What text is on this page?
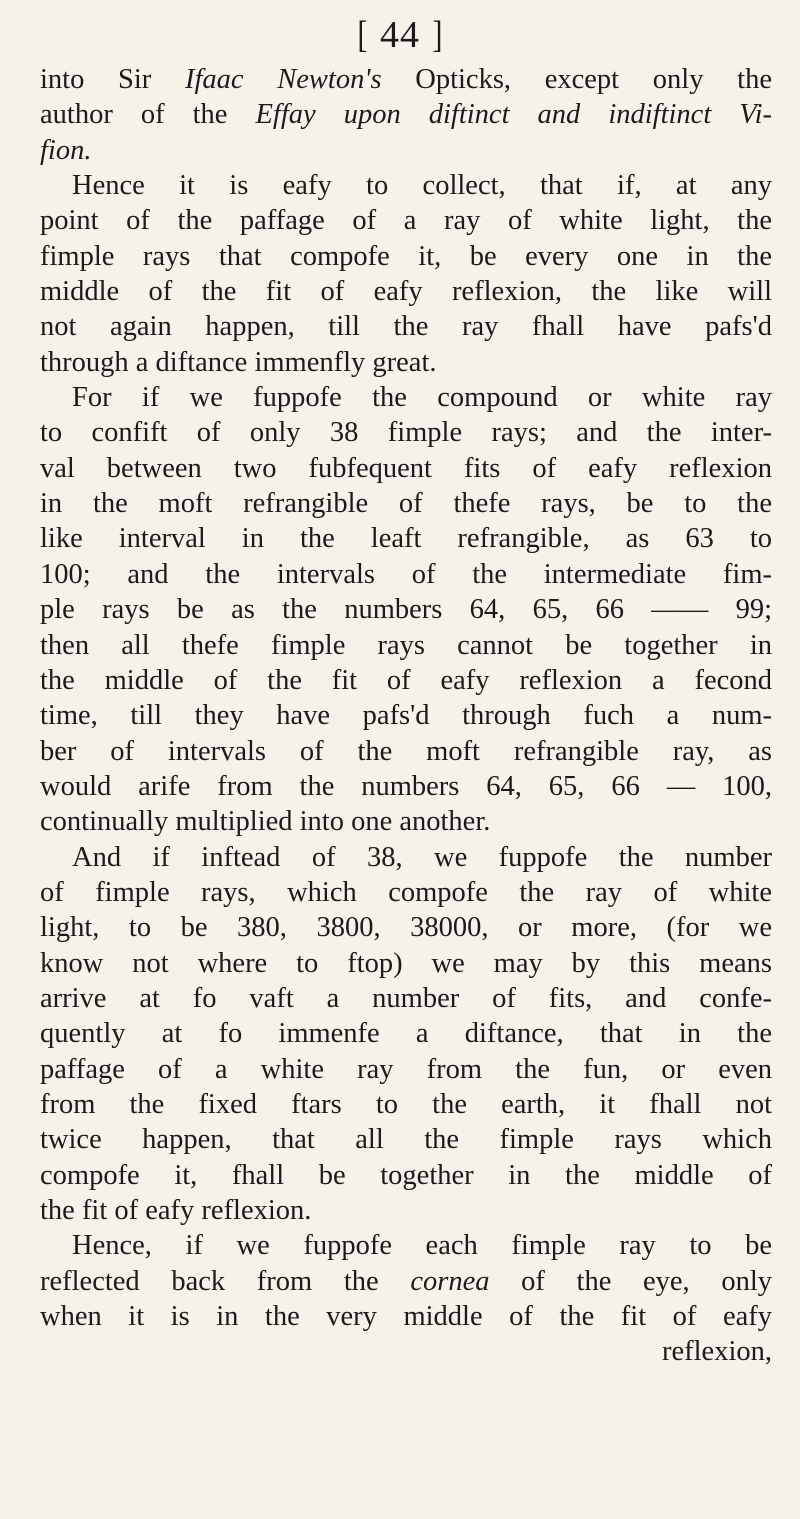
[ 44 ]
into Sir Ifaac Newton's Opticks, except only the
author of the Effay upon diftinct and indiftinct Vi-
fion.
Hence it is eafy to collect, that if, at any
point of the paffage of a ray of white light, the
fimple rays that compofe it, be every one in the
middle of the fit of eafy reflexion, the like will
not again happen, till the ray fhall have pafs'd
through a diftance immenfly great.
For if we fuppofe the compound or white ray
to confift of only 38 fimple rays; and the inter-
val between two fubfequent fits of eafy reflexion
in the moft refrangible of thefe rays, be to the
like interval in the leaft refrangible, as 63 to
100; and the intervals of the intermediate fim-
ple rays be as the numbers 64, 65, 66 —— 99;
then all thefe fimple rays cannot be together in
the middle of the fit of eafy reflexion a fecond
time, till they have pafs'd through fuch a num-
ber of intervals of the moft refrangible ray, as
would arife from the numbers 64, 65, 66 — 100,
continually multiplied into one another.
And if inftead of 38, we fuppofe the number
of fimple rays, which compofe the ray of white
light, to be 380, 3800, 38000, or more, (for we
know not where to ftop) we may by this means
arrive at fo vaft a number of fits, and confe-
quently at fo immenfe a diftance, that in the
paffage of a white ray from the fun, or even
from the fixed ftars to the earth, it fhall not
twice happen, that all the fimple rays which
compofe it, fhall be together in the middle of
the fit of eafy reflexion.
Hence, if we fuppofe each fimple ray to be
reflected back from the cornea of the eye, only
when it is in the very middle of the fit of eafy
reflexion,
